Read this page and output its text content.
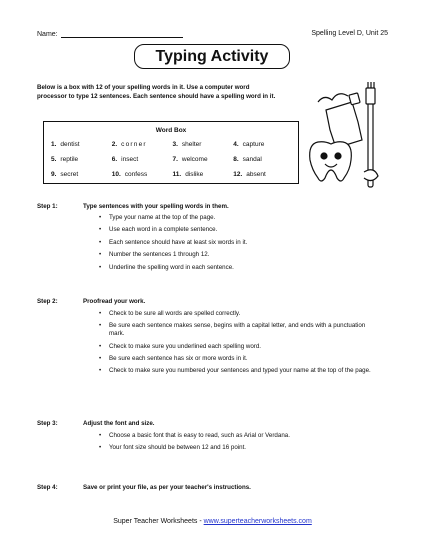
Name:	Spelling Level D, Unit 25
Typing Activity
Below is a box with 12 of your spelling words in it. Use a computer word processor to type 12 sentences. Each sentence should have a spelling word in it.
Word Box
1. dentist	2. corner	3. shelter	4. capture
5. reptile	6. insect	7. welcome	8. sandal
9. secret	10. confess	11. dislike	12. absent
Step 1:	Type sentences with your spelling words in them.
• Type your name at the top of the page.
• Use each word in a complete sentence.
• Each sentence should have at least six words in it.
• Number the sentences 1 through 12.
• Underline the spelling word in each sentence.
Step 2:	Proofread your work.
• Check to be sure all words are spelled correctly.
• Be sure each sentence makes sense, begins with a capital letter, and ends with a punctuation mark.
• Check to make sure you underlined each spelling word.
• Be sure each sentence has six or more words in it.
• Check to make sure you numbered your sentences and typed your name at the top of the page.
Step 3:	Adjust the font and size.
• Choose a basic font that is easy to read, such as Arial or Verdana.
• Your font size should be between 12 and 16 point.
Step 4:	Save or print your file, as per your teacher's instructions.
Super Teacher Worksheets - www.superteacherworksheets.com
